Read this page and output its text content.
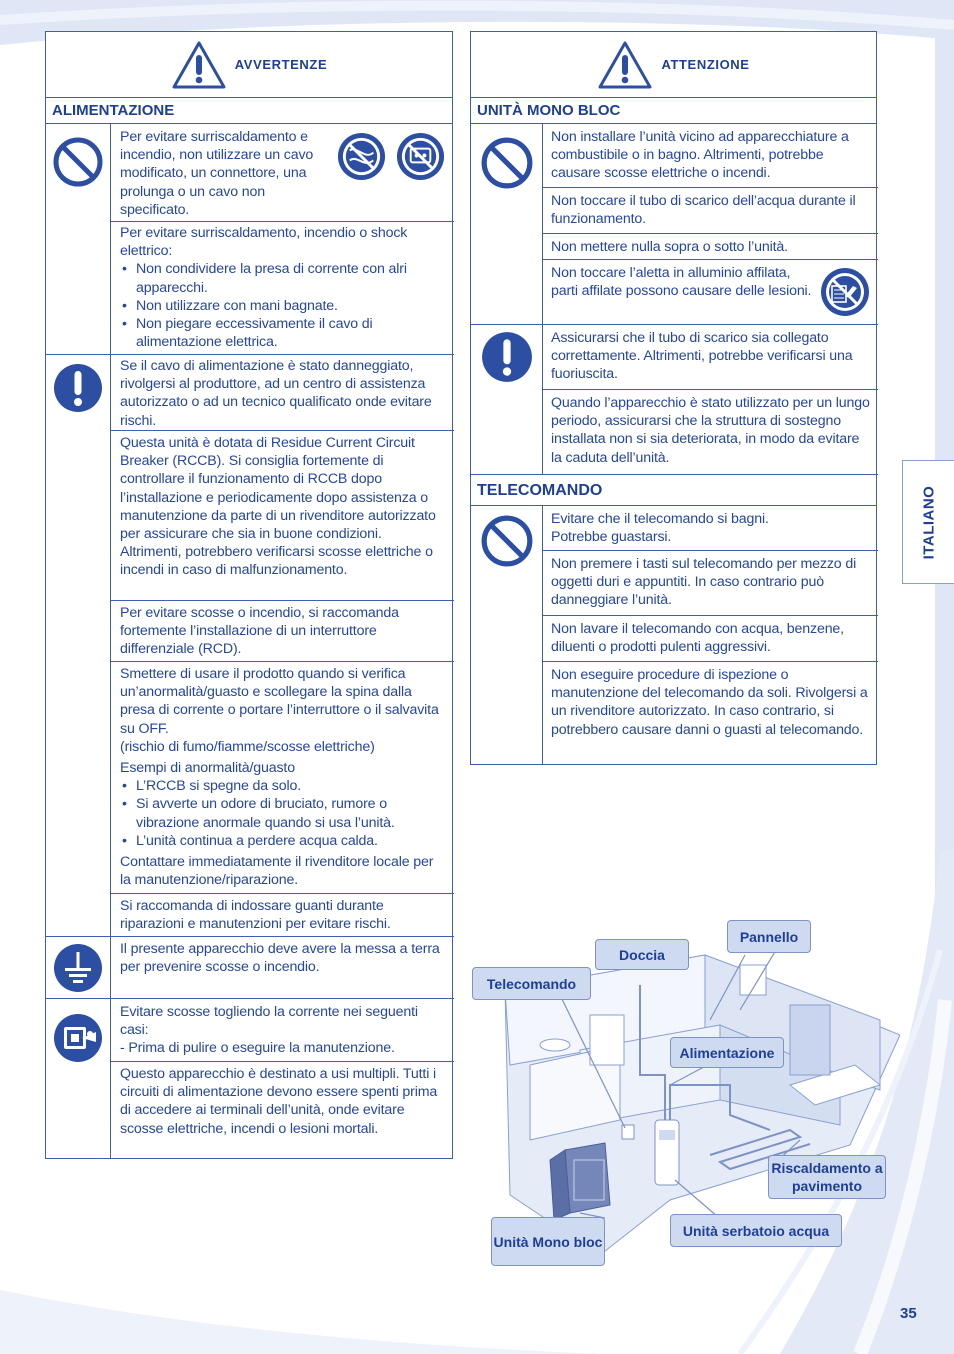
ITALIANO
35
AVVERTENZE
ALIMENTAZIONE
Per evitare surriscaldamento e incendio, non utilizzare un cavo modificato, un connettore, una prolunga o un cavo non specificato.
Per evitare surriscaldamento, incendio o shock elettrico:
• Non condividere la presa di corrente con alri apparecchi.
• Non utilizzare con mani bagnate.
• Non piegare eccessivamente il cavo di alimentazione elettrica.
Se il cavo di alimentazione è stato danneggiato, rivolgersi al produttore, ad un centro di assistenza autorizzato o ad un tecnico qualificato onde evitare rischi.
Questa unità è dotata di Residue Current Circuit Breaker (RCCB). Si consiglia fortemente di controllare il funzionamento di RCCB dopo l’installazione e periodicamente dopo assistenza o manutenzione da parte di un rivenditore autorizzato per assicurare che sia in buone condizioni. Altrimenti, potrebbero verificarsi scosse elettriche o incendi in caso di malfunzionamento.
Per evitare scosse o incendio, si raccomanda fortemente l’installazione di un interruttore differenziale (RCD).
Smettere di usare il prodotto quando si verifica un’anormalità/guasto e scollegare la spina dalla presa di corrente o portare l’interruttore o il salvavita su OFF.
(rischio di fumo/fiamme/scosse elettriche)
Esempi di anormalità/guasto
• L’RCCB si spegne da solo.
• Si avverte un odore di bruciato, rumore o vibrazione anormale quando si usa l’unità.
• L’unità continua a perdere acqua calda.
Contattare immediatamente il rivenditore locale per la manutenzione/riparazione.
Si raccomanda di indossare guanti durante riparazioni e manutenzioni per evitare rischi.
Il presente apparecchio deve avere la messa a terra per prevenire scosse o incendio.
Evitare scosse togliendo la corrente nei seguenti casi:
- Prima di pulire o eseguire la manutenzione.
Questo apparecchio è destinato a usi multipli. Tutti i circuiti di alimentazione devono essere spenti prima di accedere ai terminali dell’unità, onde evitare scosse elettriche, incendi o lesioni mortali.
ATTENZIONE
UNITÀ MONO BLOC
Non installare l’unità vicino ad apparecchiature a combustibile o in bagno. Altrimenti, potrebbe causare scosse elettriche o incendi.
Non toccare il tubo di scarico dell’acqua durante il funzionamento.
Non mettere nulla sopra o sotto l’unità.
Non toccare l’aletta in alluminio affilata, parti affilate possono causare delle lesioni.
Assicurarsi che il tubo di scarico sia collegato correttamente. Altrimenti, potrebbe verificarsi una fuoriuscita.
Quando l’apparecchio è stato utilizzato per un lungo periodo, assicurarsi che la struttura di sostegno installata non si sia deteriorata, in modo da evitare la caduta dell’unità.
TELECOMANDO
Evitare che il telecomando si bagni.
Potrebbe guastarsi.
Non premere i tasti sul telecomando per mezzo di oggetti duri e appuntiti. In caso contrario può danneggiare l’unità.
Non lavare il telecomando con acqua, benzene, diluenti o prodotti pulenti aggressivi.
Non eseguire procedure di ispezione o manutenzione del telecomando da soli. Rivolgersi a un rivenditore autorizzato. In caso contrario, si potrebbero causare danni o guasti al telecomando.
Pannello
Doccia
Telecomando
Alimentazione
Riscaldamento a pavimento
Unità serbatoio acqua
Unità Mono bloc
